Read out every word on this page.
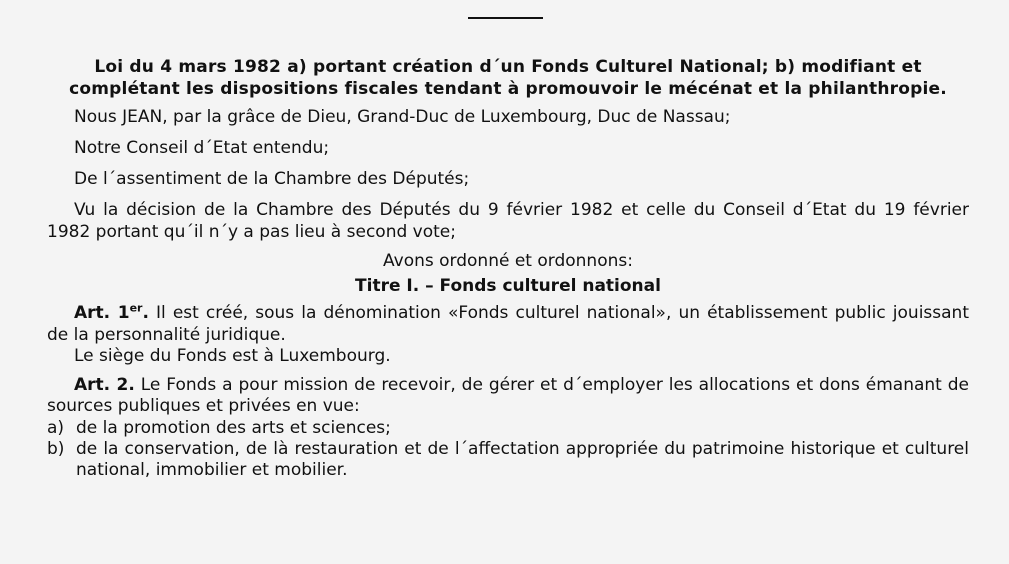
Loi du 4 mars 1982 a) portant création d´un Fonds Culturel National; b) modifiant et complétant les dispositions fiscales tendant à promouvoir le mécénat et la philanthropie.
Nous JEAN, par la grâce de Dieu, Grand-Duc de Luxembourg, Duc de Nassau;
Notre Conseil d´Etat entendu;
De l´assentiment de la Chambre des Députés;
Vu la décision de la Chambre des Députés du 9 février 1982 et celle du Conseil d´Etat du 19 février 1982 portant qu´il n´y a pas lieu à second vote;
Avons ordonné et ordonnons:
Titre I. – Fonds culturel national
Art. 1er. Il est créé, sous la dénomination «Fonds culturel national», un établissement public jouissant de la personnalité juridique.
Le siège du Fonds est à Luxembourg.
Art. 2. Le Fonds a pour mission de recevoir, de gérer et d´employer les allocations et dons émanant de sources publiques et privées en vue:
a) de la promotion des arts et sciences;
b) de la conservation, de là restauration et de l´affectation appropriée du patrimoine historique et culturel national, immobilier et mobilier.
